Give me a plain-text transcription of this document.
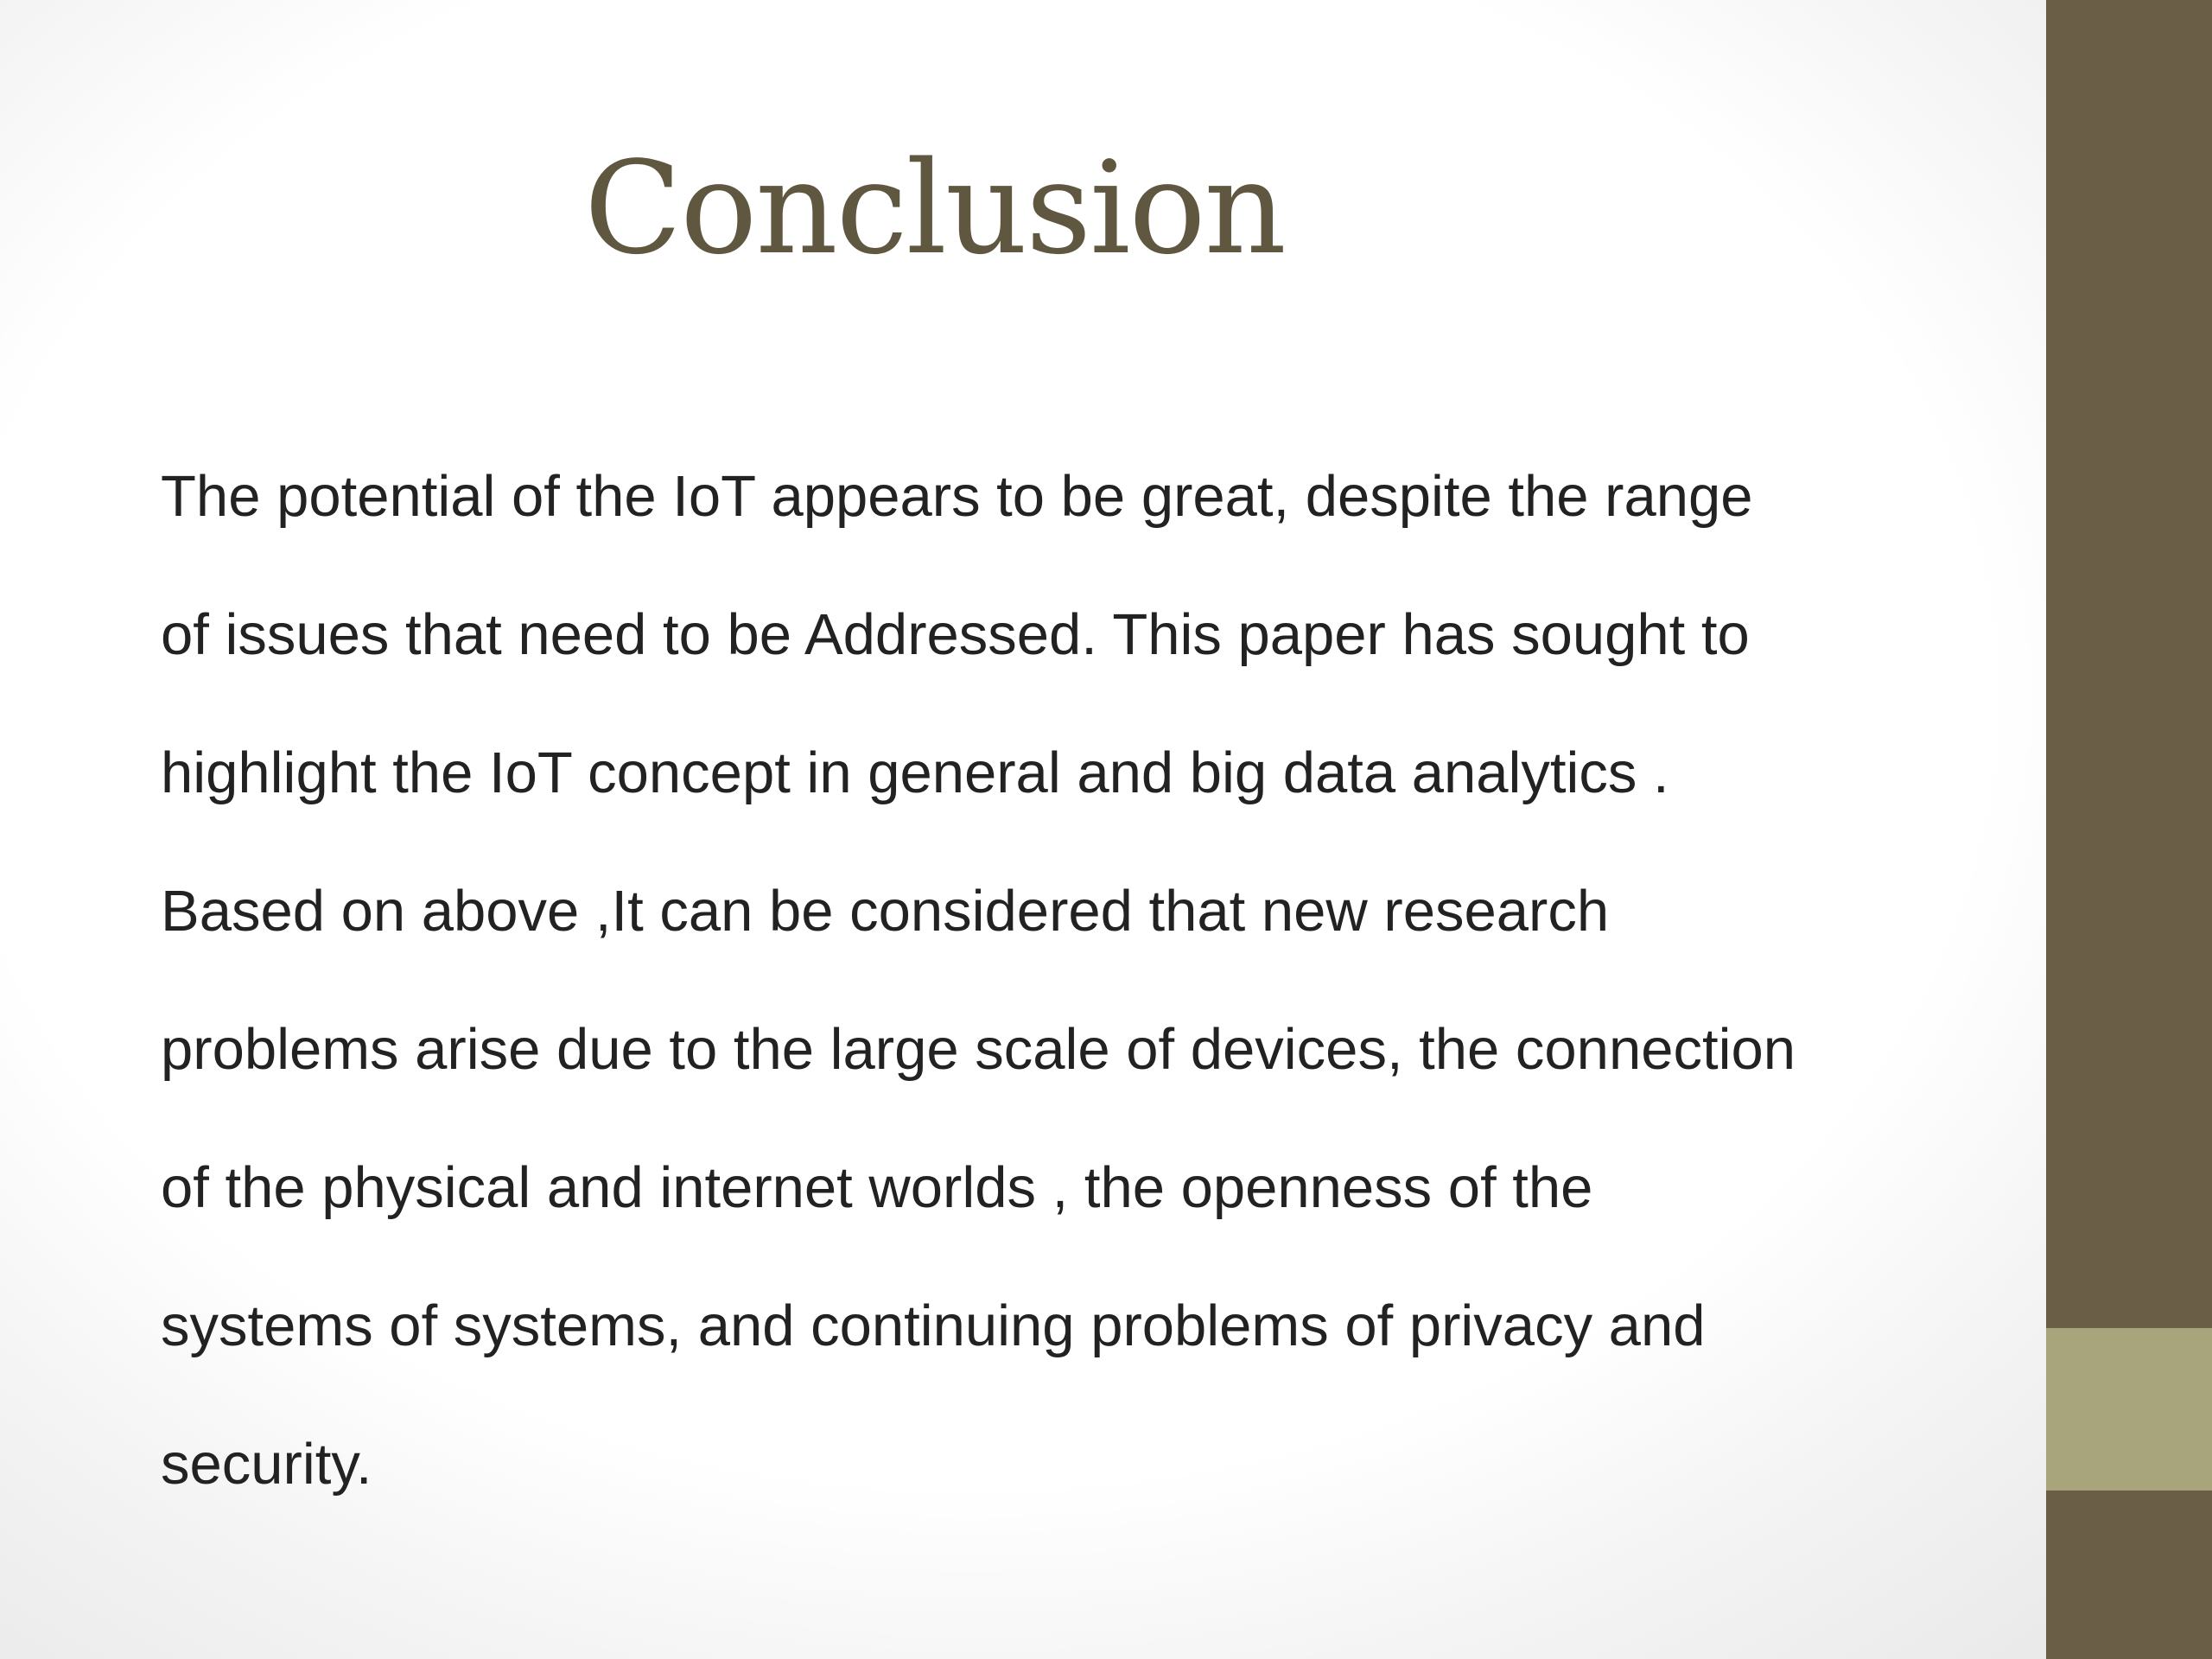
Conclusion
The potential of the IoT appears to be great, despite the range
of issues that need to be Addressed. This paper has sought to
highlight the IoT concept in general and big data analytics .
Based on above ,It can be considered that new research
problems arise due to the large scale of devices, the connection
of the physical and internet worlds , the openness of the
systems of systems, and continuing problems of privacy and
security.
